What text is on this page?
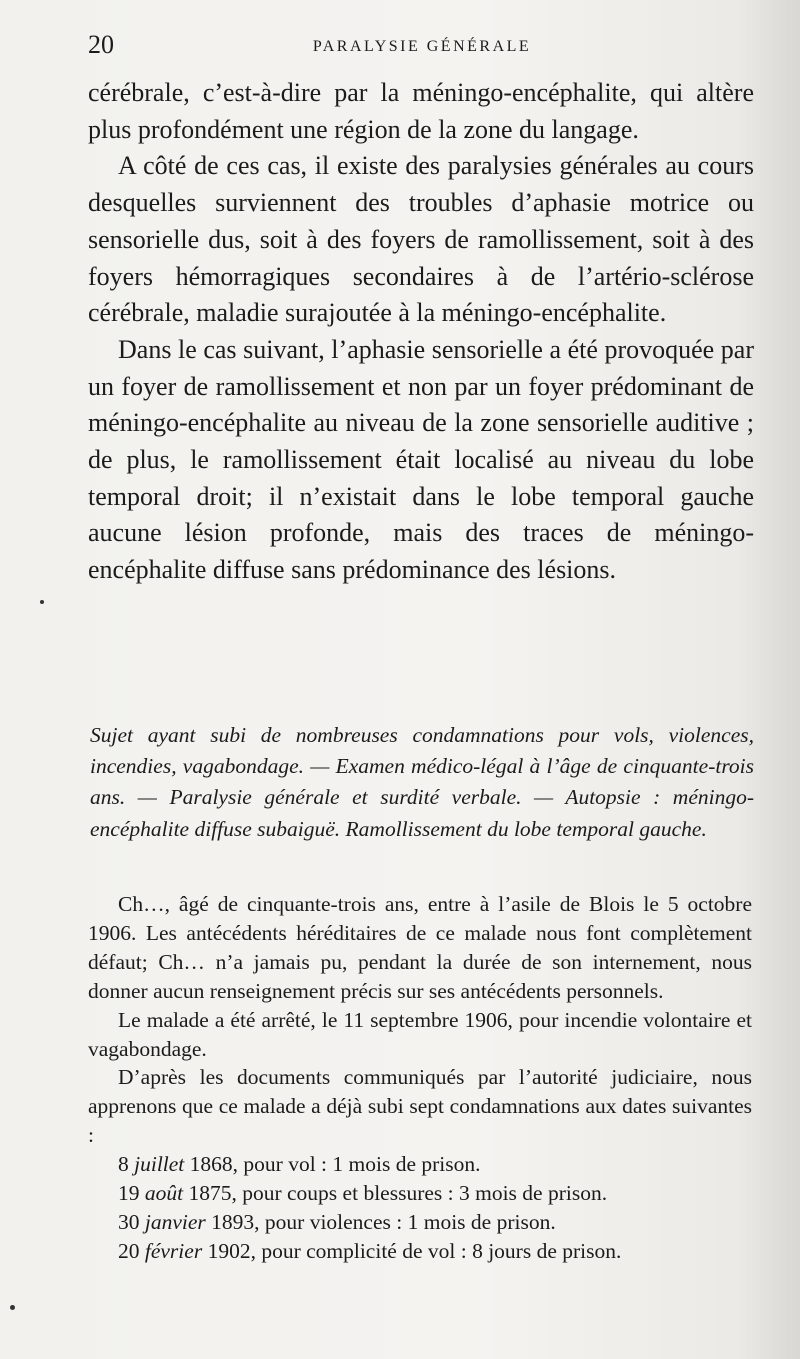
20	PARALYSIE GÉNÉRALE

cérébrale, c’est-à-dire par la méningo-encéphalite, qui altère plus profondément une région de la zone du langage.

A côté de ces cas, il existe des paralysies générales au cours desquelles surviennent des troubles d’aphasie motrice ou sensorielle dus, soit à des foyers de ramollissement, soit à des foyers hémorragiques secondaires à de l’artério-sclérose cérébrale, maladie surajoutée à la méningo-encéphalite.

Dans le cas suivant, l’aphasie sensorielle a été provoquée par un foyer de ramollissement et non par un foyer prédominant de méningo-encéphalite au niveau de la zone sensorielle auditive ; de plus, le ramollissement était localisé au niveau du lobe temporal droit; il n’existait dans le lobe temporal gauche aucune lésion profonde, mais des traces de méningo-encéphalite diffuse sans prédominance des lésions.

Sujet ayant subi de nombreuses condamnations pour vols, violences, incendies, vagabondage. — Examen médico-légal à l’âge de cinquante-trois ans. — Paralysie générale et surdité verbale. — Autopsie : méningo-encéphalite diffuse subaiguë. Ramollissement du lobe temporal gauche.

Ch…, âgé de cinquante-trois ans, entre à l’asile de Blois le 5 octobre 1906. Les antécédents héréditaires de ce malade nous font complètement défaut; Ch… n’a jamais pu, pendant la durée de son internement, nous donner aucun renseignement précis sur ses antécédents personnels.

Le malade a été arrêté, le 11 septembre 1906, pour incendie volontaire et vagabondage.

D’après les documents communiqués par l’autorité judiciaire, nous apprenons que ce malade a déjà subi sept condamnations aux dates suivantes :

8 juillet 1868, pour vol : 1 mois de prison.
19 août 1875, pour coups et blessures : 3 mois de prison.
30 janvier 1893, pour violences : 1 mois de prison.
20 février 1902, pour complicité de vol : 8 jours de prison.
